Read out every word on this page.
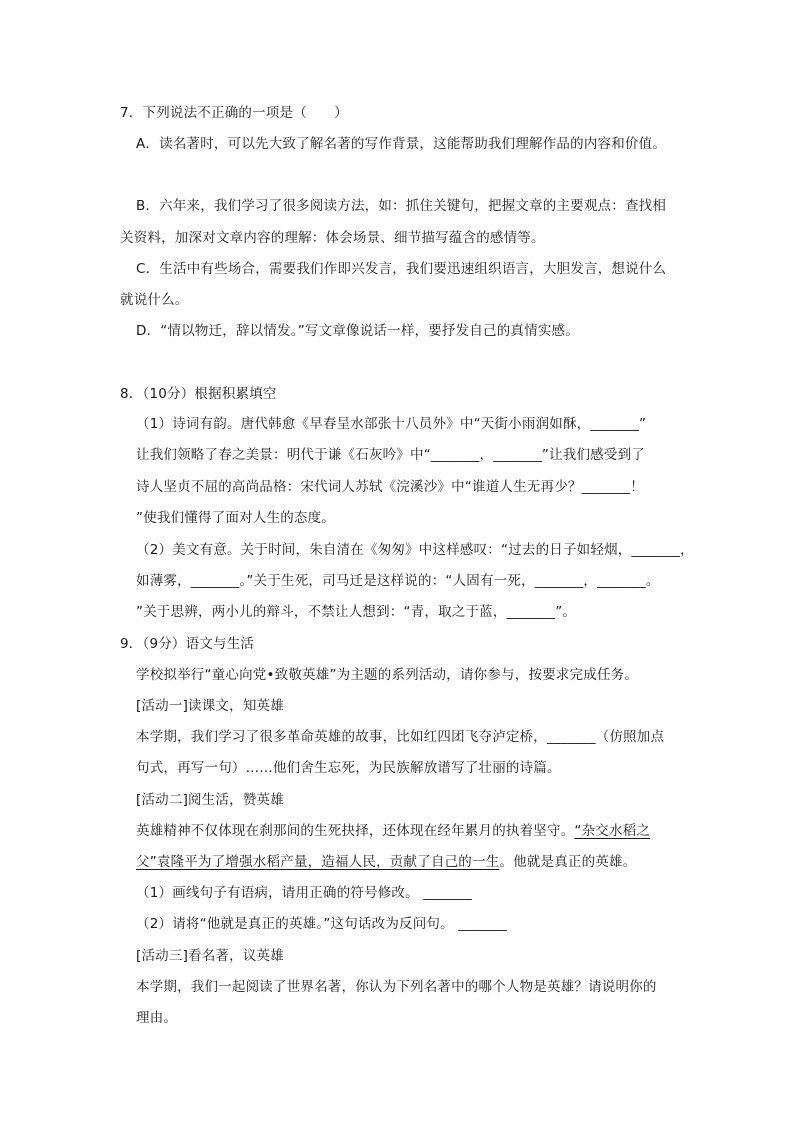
7．下列说法不正确的一项是（　　）
A．读名著时，可以先大致了解名著的写作背景，这能帮助我们理解作品的内容和价值。
B．六年来，我们学习了很多阅读方法，如：抓住关键句，把握文章的主要观点：查找相
关资料，加深对文章内容的理解：体会场景、细节描写蕴含的感情等。
C．生活中有些场合，需要我们作即兴发言，我们要迅速组织语言，大胆发言，想说什么
就说什么。
D．“情以物迁，辞以情发。”写文章像说话一样，要抒发自己的真情实感。
8．（10分）根据积累填空
（1）诗词有韵。唐代韩愈《早春呈水部张十八员外》中“天街小雨润如酥，_______”
让我们领略了春之美景：明代于谦《石灰吟》中“_______，_______”让我们感受到了
诗人坚贞不屈的高尚品格：宋代词人苏轼《浣溪沙》中“谁道人生无再少？_______！
”使我们懂得了面对人生的态度。
（2）美文有意。关于时间，朱自清在《匆匆》中这样感叹：“过去的日子如轻烟，_______，
如薄雾，_______。”关于生死，司马迁是这样说的：“人固有一死，_______，_______。
”关于思辨，两小儿的辩斗，不禁让人想到：“青，取之于蓝，_______”。
9．（9分）语文与生活
学校拟举行“童心向党•致敬英雄”为主题的系列活动，请你参与，按要求完成任务。
[活动一]读课文，知英雄
本学期，我们学习了很多革命英雄的故事，比如红四团飞夺泸定桥，_______（仿照加点
句式，再写一句）……他们舍生忘死，为民族解放谱写了壮丽的诗篇。
[活动二]阅生活，赞英雄
英雄精神不仅体现在刹那间的生死抉择，还体现在经年累月的执着坚守。“杂交水稻之
父”袁隆平为了增强水稻产量，造福人民，贡献了自己的一生。他就是真正的英雄。
（1）画线句子有语病，请用正确的符号修改。 _______
（2）请将“他就是真正的英雄。”这句话改为反问句。 _______
[活动三]看名著，议英雄
本学期，我们一起阅读了世界名著，你认为下列名著中的哪个人物是英雄？请说明你的
理由。
